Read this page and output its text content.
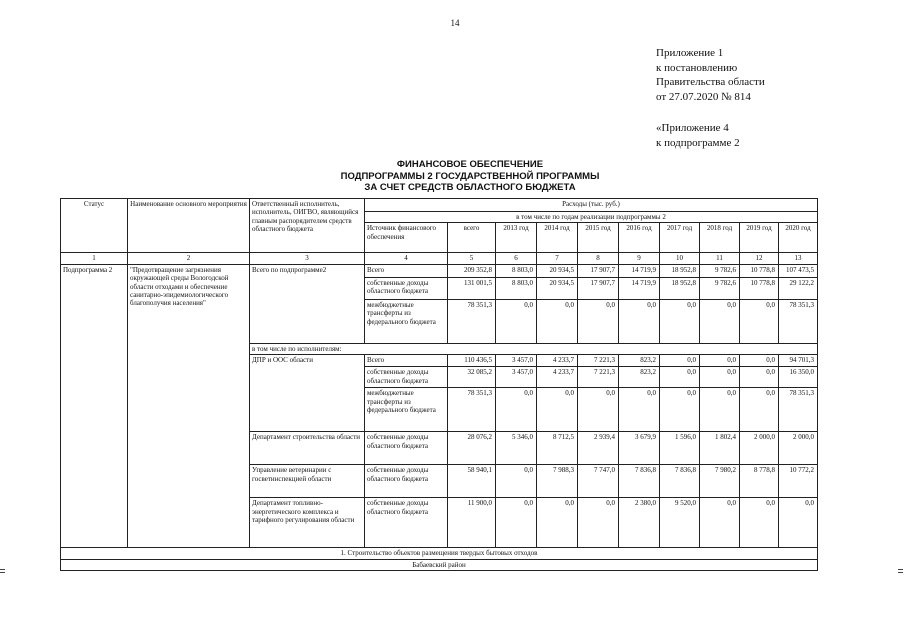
14
Приложение 1
к постановлению
Правительства области
от 27.07.2020 № 814
«Приложение 4
к подпрограмме 2
ФИНАНСОВОЕ ОБЕСПЕЧЕНИЕ
ПОДПРОГРАММЫ 2 ГОСУДАРСТВЕННОЙ ПРОГРАММЫ
ЗА СЧЕТ СРЕДСТВ ОБЛАСТНОГО БЮДЖЕТА
Статус	Наименование основного мероприятия	Ответственный исполнитель, исполнитель, ОИГВО, являющийся главным распорядителем средств областного бюджета	Расходы (тыс. руб.)									
			в том числе по годам реализации подпрограммы 2									
			Источник финансового обеспечения	всего	2013 год	2014 год	2015 год	2016 год	2017 год	2018 год	2019 год	2020 год
1	2	3	4	5	6	7	8	9	10	11	12	13
Подпрограмма 2	"Предотвращение загрязнения окружающей среды Вологодской области отходами и обеспечение санитарно-эпидемиологического благополучия населения"	Всего по подпрограмме2	Всего	209 352,8	8 803,0	20 934,5	17 907,7	14 719,9	18 952,8	9 782,6	10 778,8	107 473,5
			собственные доходы областного бюджета	131 001,5	8 803,0	20 934,5	17 907,7	14 719,9	18 952,8	9 782,6	10 778,8	29 122,2
			межбюджетные трансферты из федерального бюджета	78 351,3	0,0	0,0	0,0	0,0	0,0	0,0	0,0	78 351,3
		в том числе по исполнителям:										
		ДПР и ООС области	Всего	110 436,5	3 457,0	4 233,7	7 221,3	823,2	0,0	0,0	0,0	94 701,3
			собственные доходы областного бюджета	32 085,2	3 457,0	4 233,7	7 221,3	823,2	0,0	0,0	0,0	16 350,0
			межбюджетные трансферты из федерального бюджета	78 351,3	0,0	0,0	0,0	0,0	0,0	0,0	0,0	78 351,3
		Департамент строительства области	собственные доходы областного бюджета	28 076,2	5 346,0	8 712,5	2 939,4	3 679,9	1 596,0	1 802,4	2 000,0	2 000,0
		Управление ветеринарии с госветинспекцией области	собственные доходы областного бюджета	58 940,1	0,0	7 988,3	7 747,0	7 836,8	7 836,8	7 980,2	8 778,8	10 772,2
		Департамент топливно-энергетического комплекса и тарифного регулирования области	собственные доходы областного бюджета	11 900,0	0,0	0,0	0,0	2 380,0	9 520,0	0,0	0,0	0,0
1. Строительство объектов размещения твердых бытовых отходов												
Бабаевский район												
